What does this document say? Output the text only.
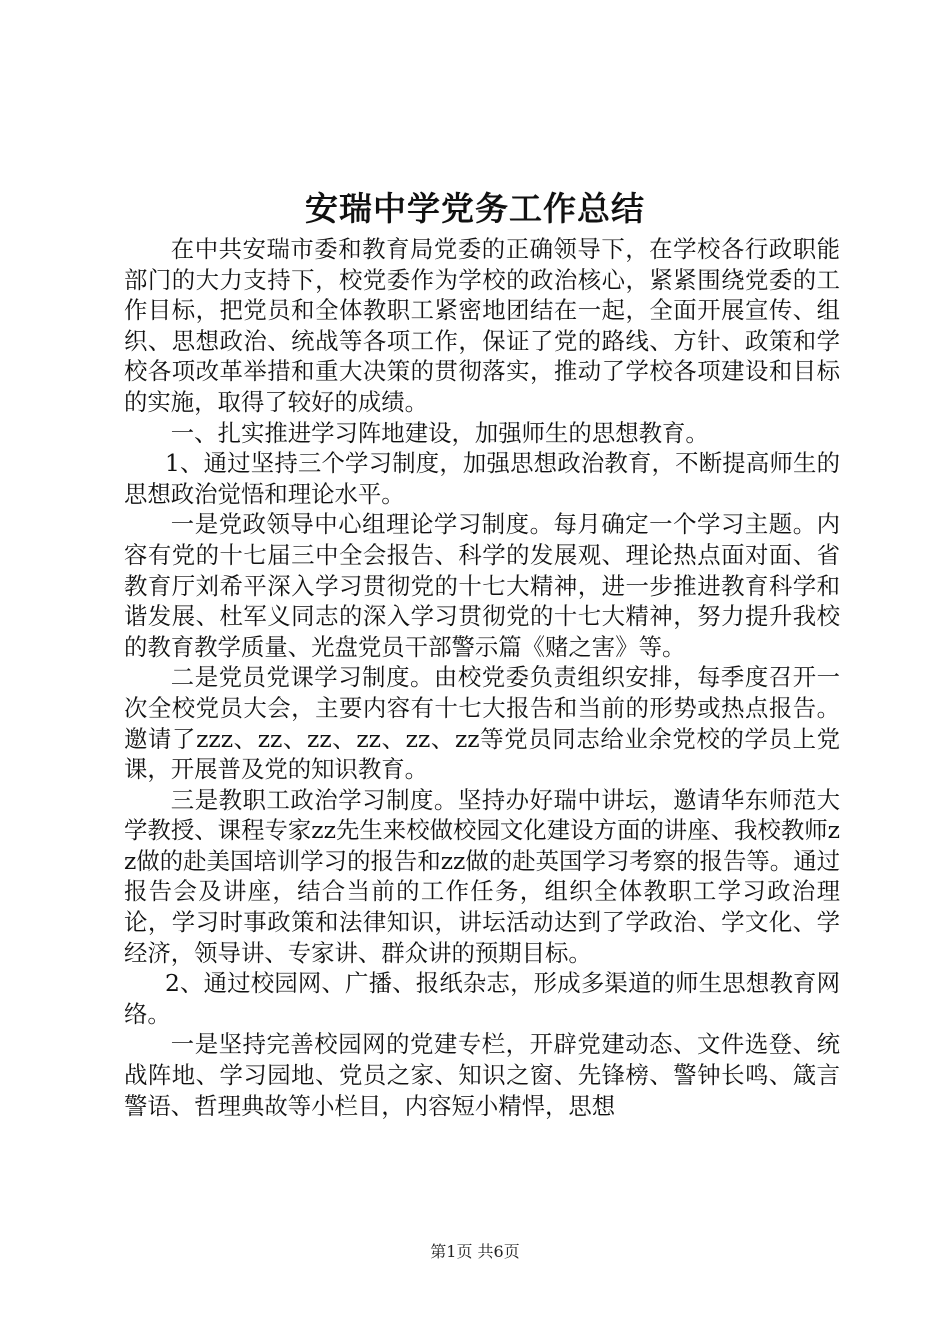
安瑞中学党务工作总结

在中共安瑞市委和教育局党委的正确领导下，在学校各行政职能部门的大力支持下，校党委作为学校的政治核心，紧紧围绕党委的工作目标，把党员和全体教职工紧密地团结在一起，全面开展宣传、组织、思想政治、统战等各项工作，保证了党的路线、方针、政策和学校各项改革举措和重大决策的贯彻落实，推动了学校各项建设和目标的实施，取得了较好的成绩。

一、扎实推进学习阵地建设，加强师生的思想教育。

1、通过坚持三个学习制度，加强思想政治教育，不断提高师生的思想政治觉悟和理论水平。

一是党政领导中心组理论学习制度。每月确定一个学习主题。内容有党的十七届三中全会报告、科学的发展观、理论热点面对面、省教育厅刘希平深入学习贯彻党的十七大精神，进一步推进教育科学和谐发展、杜军义同志的深入学习贯彻党的十七大精神，努力提升我校的教育教学质量、光盘党员干部警示篇《赌之害》等。

二是党员党课学习制度。由校党委负责组织安排，每季度召开一次全校党员大会，主要内容有十七大报告和当前的形势或热点报告。邀请了zzz、zz、zz、zz、zz、zz等党员同志给业余党校的学员上党课，开展普及党的知识教育。

三是教职工政治学习制度。坚持办好瑞中讲坛，邀请华东师范大学教授、课程专家zz先生来校做校园文化建设方面的讲座、我校教师zz做的赴美国培训学习的报告和zz做的赴英国学习考察的报告等。通过报告会及讲座，结合当前的工作任务，组织全体教职工学习政治理论，学习时事政策和法律知识，讲坛活动达到了学政治、学文化、学经济，领导讲、专家讲、群众讲的预期目标。

2、通过校园网、广播、报纸杂志，形成多渠道的师生思想教育网络。

一是坚持完善校园网的党建专栏，开辟党建动态、文件选登、统战阵地、学习园地、党员之家、知识之窗、先锋榜、警钟长鸣、箴言警语、哲理典故等小栏目，内容短小精悍，思想

第1页 共6页
